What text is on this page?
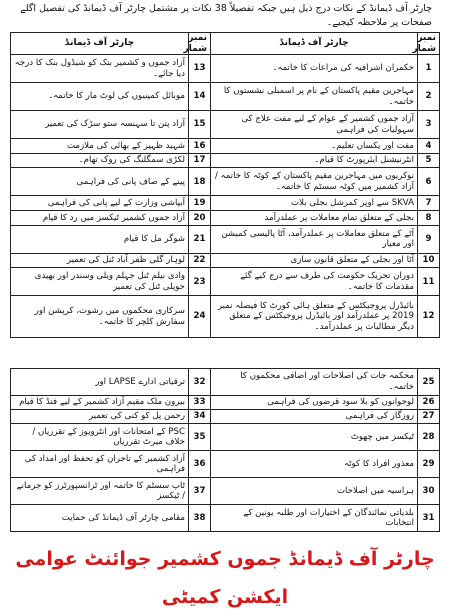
چارٹر آف ڈیمانڈ کے نکات درج ذیل ہیں جبکہ تفصیلاً 38 نکات پر مشتمل چارٹر آف ڈیمانڈ کی تفصیل اگلے صفحات پر ملاحظہ کیجیے۔
نمبر شمار	چارٹر آف ڈیمانڈ	نمبر شمار	چارٹر آف ڈیمانڈ
1	حکمران اشرافیہ کی مراعات کا خاتمہ۔	13	آزاد جموں و کشمیر بنک کو شیڈول بنک کا درجہ دیا جائے۔
2	مہاجرین مقیم پاکستان کے نام پر اسمبلی نشستوں کا خاتمہ۔	14	موبائل کمپنیوں کی لوٹ مار کا خاتمہ۔
3	آزاد جموں کشمیر کے عوام کے لیے مفت علاج کی سہولیات کی فراہمی	15	آزاد پتن تا سہنسہ ستو سڑک کی تعمیر
4	مفت اور یکساں تعلیم۔	16	شہید ظہیر کے بھائی کی ملازمت
5	انٹرنیشنل ایئرپورٹ کا قیام۔	17	لکڑی سمگلنگ کی روک تھام۔
6	نوکریوں میں مہاجرین مقیم پاکستان کے کوٹہ کا خاتمہ / آزاد کشمیر میں کوٹہ سسٹم کا خاتمہ۔	18	پینے کے صاف پانی کی فراہمی
7	SKVA سے اوپر کمرشل بجلی بلات	19	آبپاشی وزارت کے لیے پانی کی فراہمی
8	بجلی کے متعلق تمام معاملات پر عملدرآمد	20	آزاد جموں کشمیر ٹیکسز میں رد کا قیام
9	آٹے کے متعلق معاملات پر عملدرآمد، آٹا پالیسی کمیشن اور معیار	21	شوگر مل کا قیام
10	آٹا اور بجلی کے متعلق قانون سازی	22	لوہار گلی ظفر آباد ٹنل کی تعمیر
11	دوران تحریک حکومت کی طرف سے درج کیے گئے مقدمات کا خاتمہ۔	23	وادی نیلم ٹنل جہلم ویلی وسندر اور بھیدی حویلی ٹنل کی تعمیر
12	بائیڈرل پروجیکٹس کے متعلق ہائی کورٹ کا فیصلہ نمبر 2019 پر عملدرآمد اور بائیڈرل پروجیکٹس کے متعلق دیگر مطالبات پر عملدرآمد۔	24	سرکاری محکموں میں رشوت، کرپشن اور سفارش کلچر کا خاتمہ۔
25	محکمہ جات کی اصلاحات اور اضافی محکموں کا خاتمہ۔	32	ترقیاتی ادارے LAPSE اور
26	لوجوانوں کو بلا سود قرضوں کی فراہمی	33	بیرون ملک مقیم آزاد کشمیر کے لیے فنڈ کا قیام
27	روزگار کی فراہمی	34	رحمن پل کو کنی کی تعمیر
28	ٹیکسز میں چھوٹ	35	PSC کے امتحانات اور انٹرویوز کے تقرریاں / خلاف میرٹ تقرریاں
29	معذور افراد کا کوٹہ	36	آزاد کشمیر کے تاجران کو تحفظ اور امداد کی فراہمی
30	ہراسیہ میں اصلاحات	37	ٹاپ سسٹم کا خاتمہ اور ٹرانسپورٹرز کو جرمانے / ٹیکسز
31	بلدیاتی نمائندگان کے اختیارات اور طلبہ یونین کے انتخابات	38	مقامی چارٹر آف ڈیمانڈ کی حمایت
چارٹر آف ڈیمانڈ جموں کشمیر جوائنٹ عوامی ایکشن کمیٹی
